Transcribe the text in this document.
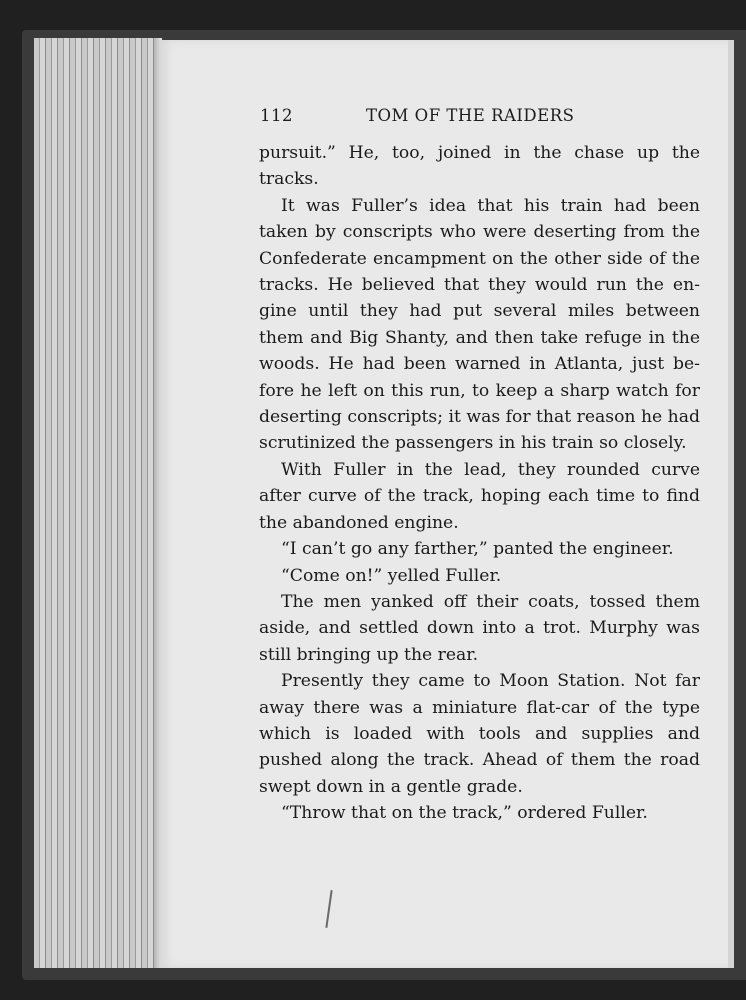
112	TOM OF THE RAIDERS

pursuit.” He, too, joined in the chase up the tracks.

It was Fuller’s idea that his train had been taken by conscripts who were deserting from the Confederate encampment on the other side of the tracks. He believed that they would run the en-gine until they had put several miles between them and Big Shanty, and then take refuge in the woods. He had been warned in Atlanta, just be-fore he left on this run, to keep a sharp watch for deserting conscripts; it was for that reason he had scrutinized the passengers in his train so closely.

With Fuller in the lead, they rounded curve after curve of the track, hoping each time to find the abandoned engine.

“I can’t go any farther,” panted the engineer.

“Come on!” yelled Fuller.

The men yanked off their coats, tossed them aside, and settled down into a trot. Murphy was still bringing up the rear.

Presently they came to Moon Station. Not far away there was a miniature flat-car of the type which is loaded with tools and supplies and pushed along the track. Ahead of them the road swept down in a gentle grade.

“Throw that on the track,” ordered Fuller.
